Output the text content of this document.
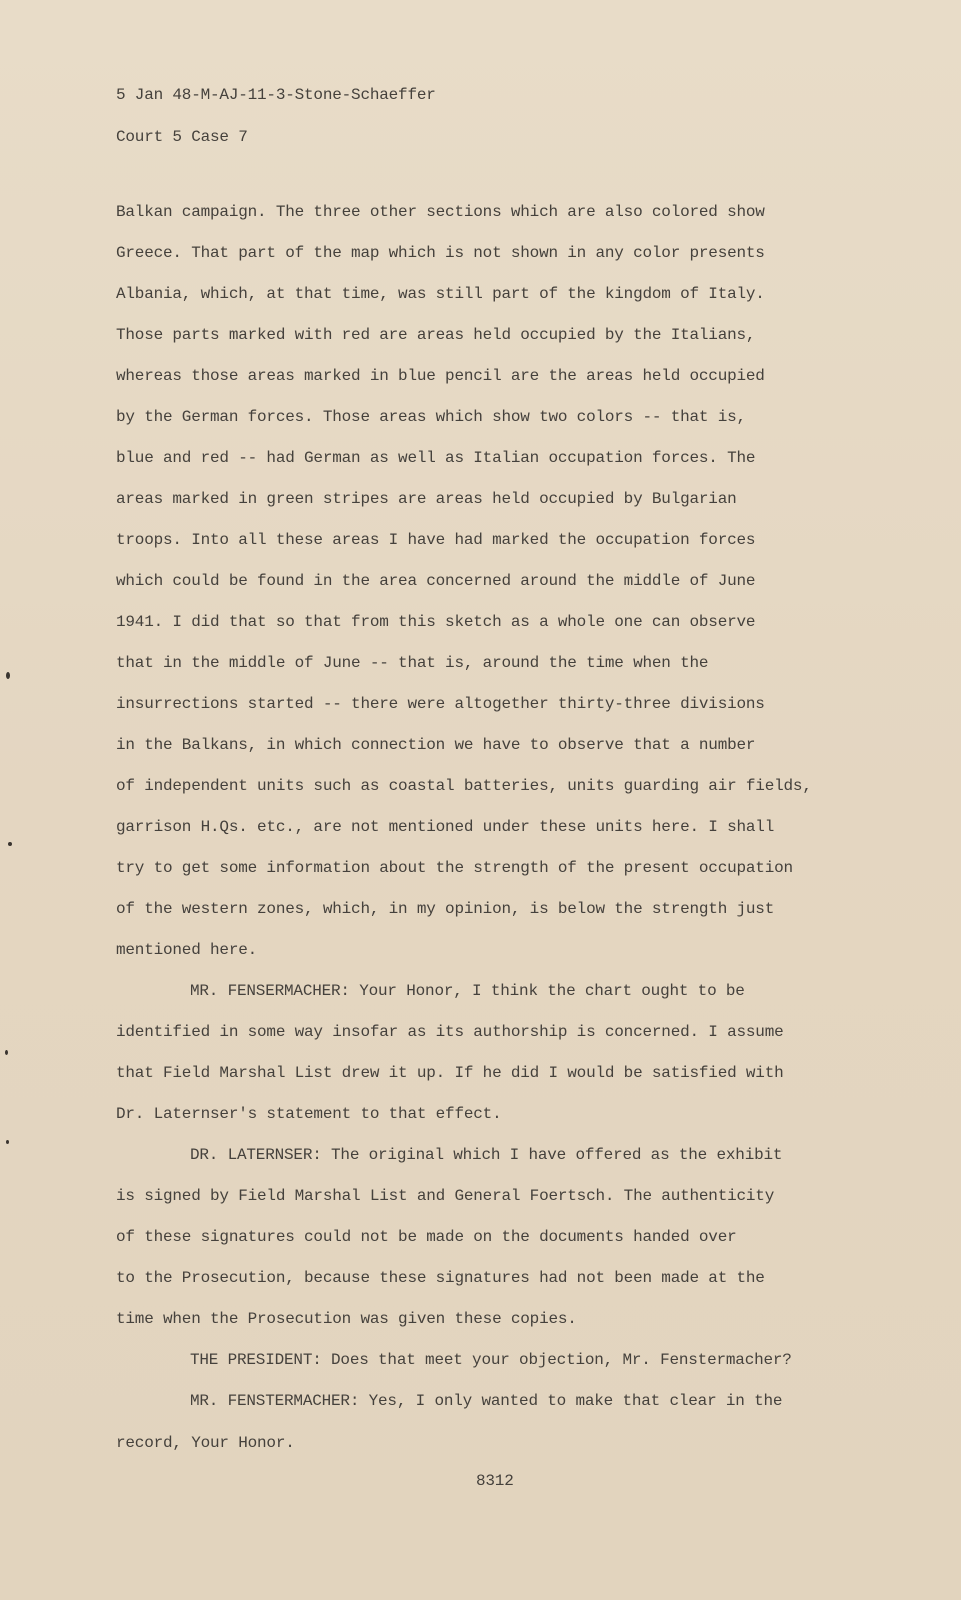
5 Jan 48-M-AJ-11-3-Stone-Schaeffer
Court 5 Case 7
Balkan campaign. The three other sections which are also colored show
Greece. That part of the map which is not shown in any color presents
Albania, which, at that time, was still part of the kingdom of Italy.
Those parts marked with red are areas held occupied by the Italians,
whereas those areas marked in blue pencil are the areas held occupied
by the German forces. Those areas which show two colors -- that is,
blue and red -- had German as well as Italian occupation forces. The
areas marked in green stripes are areas held occupied by Bulgarian
troops. Into all these areas I have had marked the occupation forces
which could be found in the area concerned around the middle of June
1941. I did that so that from this sketch as a whole one can observe
that in the middle of June -- that is, around the time when the
insurrections started -- there were altogether thirty-three divisions
in the Balkans, in which connection we have to observe that a number
of independent units such as coastal batteries, units guarding air fields,
garrison H.Qs. etc., are not mentioned under these units here. I shall
try to get some information about the strength of the present occupation
of the western zones, which, in my opinion, is below the strength just
mentioned here.
MR. FENSERMACHER: Your Honor, I think the chart ought to be
identified in some way insofar as its authorship is concerned. I assume
that Field Marshal List drew it up. If he did I would be satisfied with
Dr. Laternser's statement to that effect.
DR. LATERNSER: The original which I have offered as the exhibit
is signed by Field Marshal List and General Foertsch. The authenticity
of these signatures could not be made on the documents handed over
to the Prosecution, because these signatures had not been made at the
time when the Prosecution was given these copies.
THE PRESIDENT: Does that meet your objection, Mr. Fenstermacher?
MR. FENSTERMACHER: Yes, I only wanted to make that clear in the
record, Your Honor.
8312
